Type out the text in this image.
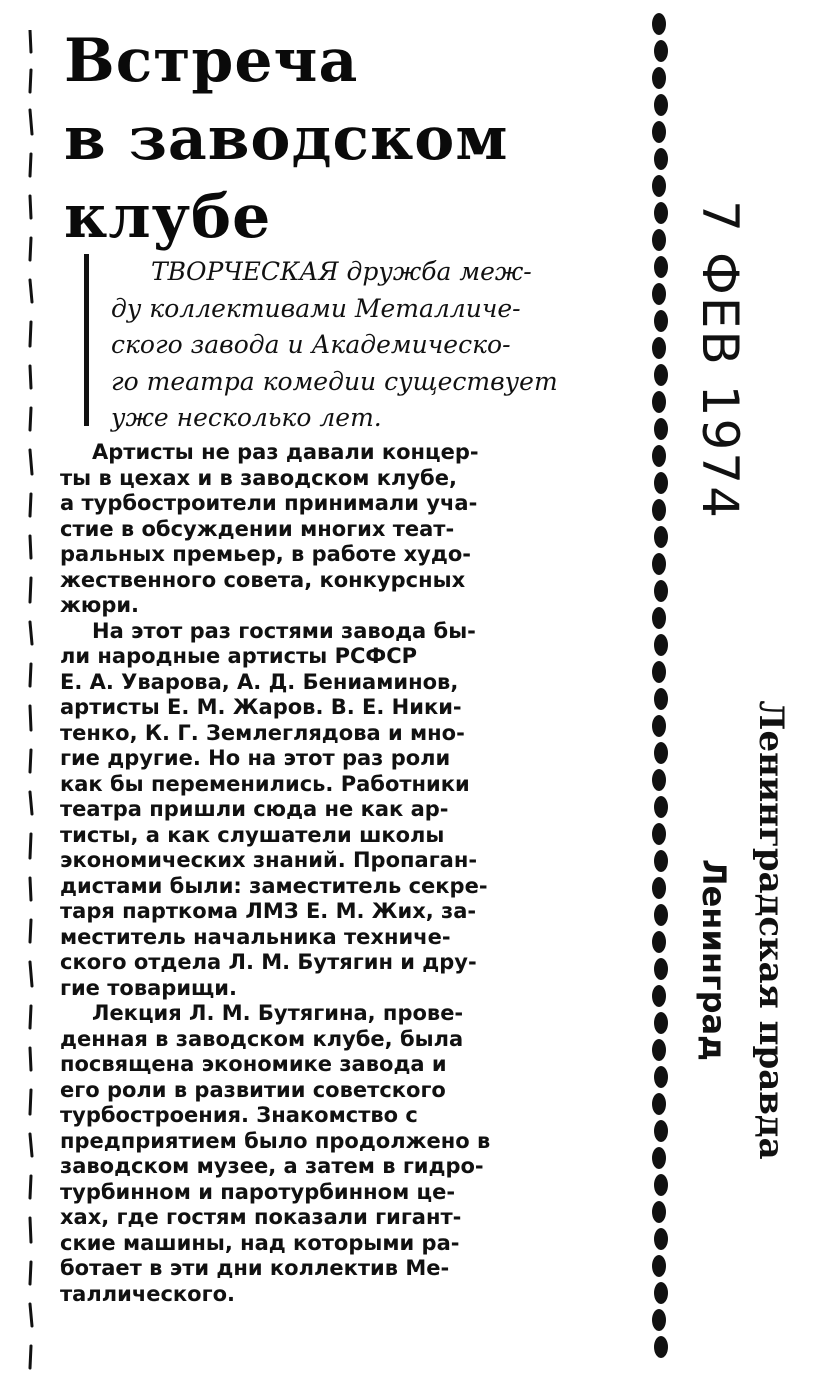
Встреча
в заводском
клубе

ТВОРЧЕСКАЯ дружба меж-
ду коллективами Металличе-
ского завода и Академическо-
го театра комедии существует
уже несколько лет.

Артисты не раз давали концер-
ты в цехах и в заводском клубе,
а турбостроители принимали уча-
стие в обсуждении многих теат-
ральных премьер, в работе худо-
жественного совета, конкурсных
жюри.
На этот раз гостями завода бы-
ли народные артисты РСФСР
Е. А. Уварова, А. Д. Бениаминов,
артисты Е. М. Жаров. В. Е. Ники-
тенко, К. Г. Землеглядова и мно-
гие другие. Но на этот раз роли
как бы переменились. Работники
театра пришли сюда не как ар-
тисты, а как слушатели школы
экономических знаний. Пропаган-
дистами были: заместитель секре-
таря парткома ЛМЗ Е. М. Жих, за-
меститель начальника техниче-
ского отдела Л. М. Бутягин и дру-
гие товарищи.
Лекция Л. М. Бутягина, прове-
денная в заводском клубе, была
посвящена экономике завода и
его роли в развитии советского
турбостроения. Знакомство с
предприятием было продолжено в
заводском музее, а затем в гидро-
турбинном и паротурбинном це-
хах, где гостям показали гигант-
ские машины, над которыми ра-
ботает в эти дни коллектив Ме-
таллического.

7 ФЕВ 1974
Ленинградская правда
Ленинград
